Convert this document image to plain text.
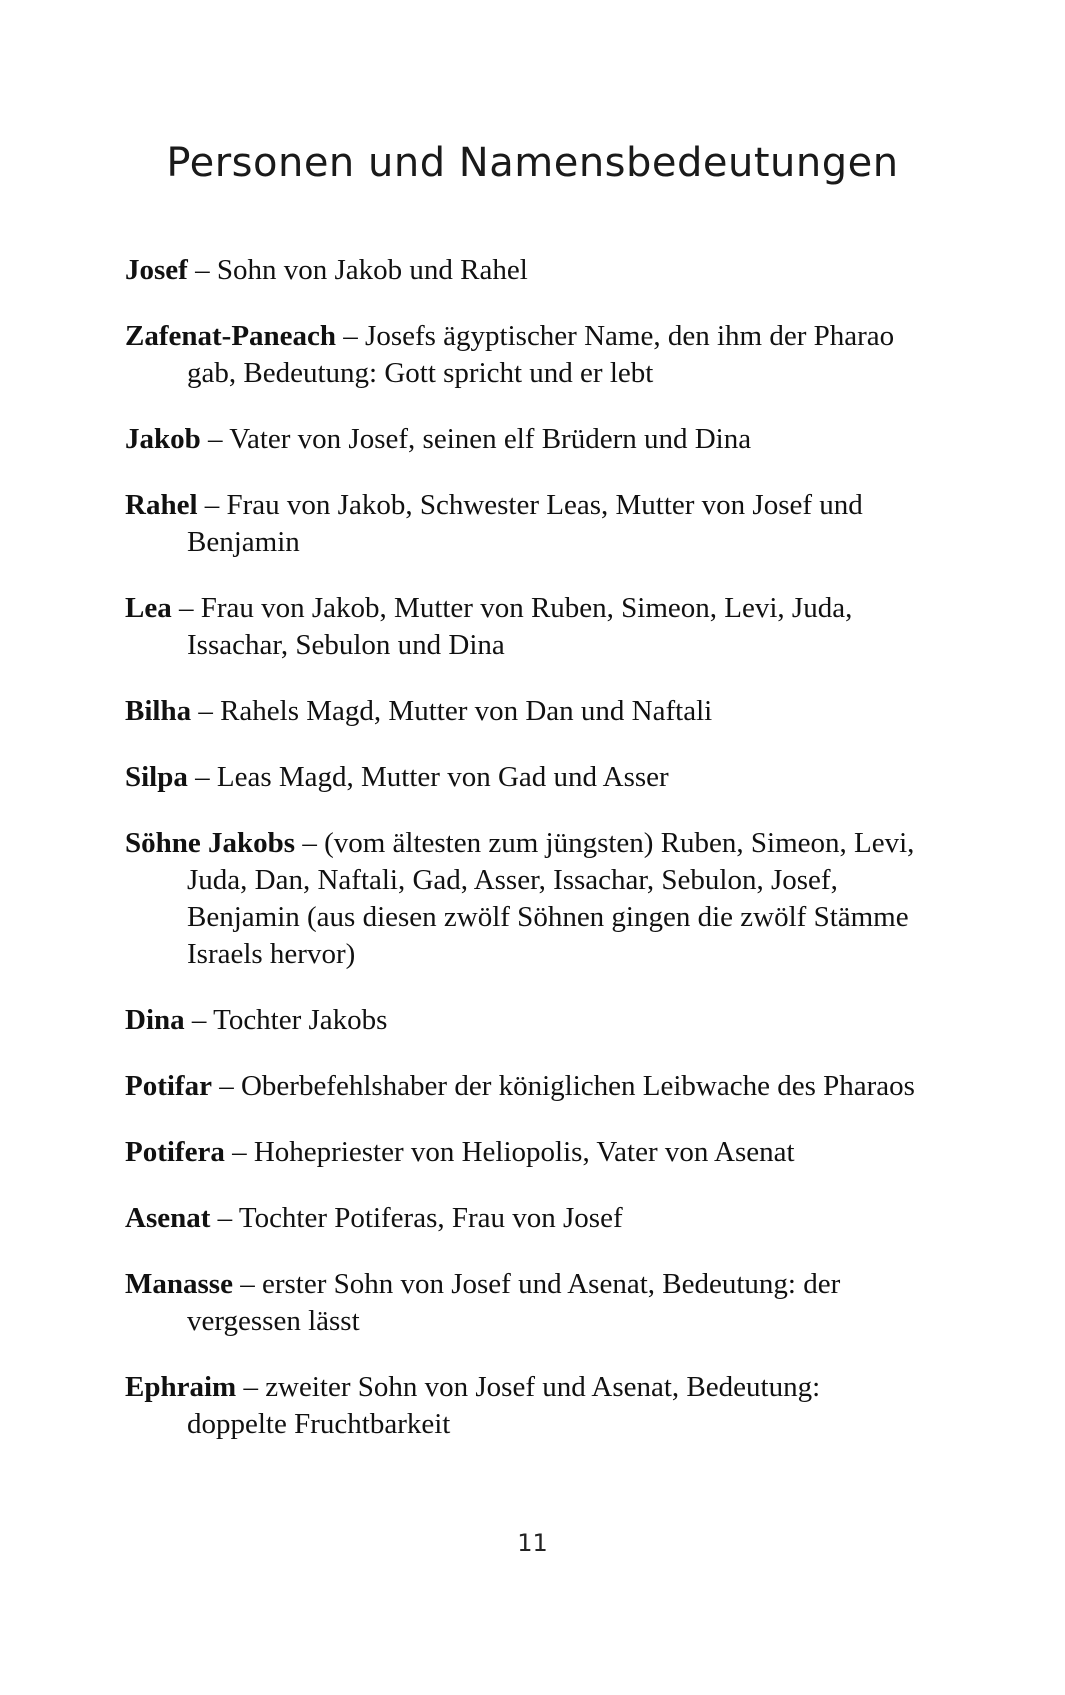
Personen und Namensbedeutungen

Josef – Sohn von Jakob und Rahel

Zafenat-Paneach – Josefs ägyptischer Name, den ihm der Pharao gab, Bedeutung: Gott spricht und er lebt

Jakob – Vater von Josef, seinen elf Brüdern und Dina

Rahel – Frau von Jakob, Schwester Leas, Mutter von Josef und Benjamin

Lea – Frau von Jakob, Mutter von Ruben, Simeon, Levi, Juda, Issachar, Sebulon und Dina

Bilha – Rahels Magd, Mutter von Dan und Naftali

Silpa – Leas Magd, Mutter von Gad und Asser

Söhne Jakobs – (vom ältesten zum jüngsten) Ruben, Simeon, Levi, Juda, Dan, Naftali, Gad, Asser, Issachar, Sebulon, Josef, Benjamin (aus diesen zwölf Söhnen gingen die zwölf Stämme Israels hervor)

Dina – Tochter Jakobs

Potifar – Oberbefehlshaber der königlichen Leibwache des Pharaos

Potifera – Hohepriester von Heliopolis, Vater von Asenat

Asenat – Tochter Potiferas, Frau von Josef

Manasse – erster Sohn von Josef und Asenat, Bedeutung: der vergessen lässt

Ephraim – zweiter Sohn von Josef und Asenat, Bedeutung: doppelte Fruchtbarkeit

11
